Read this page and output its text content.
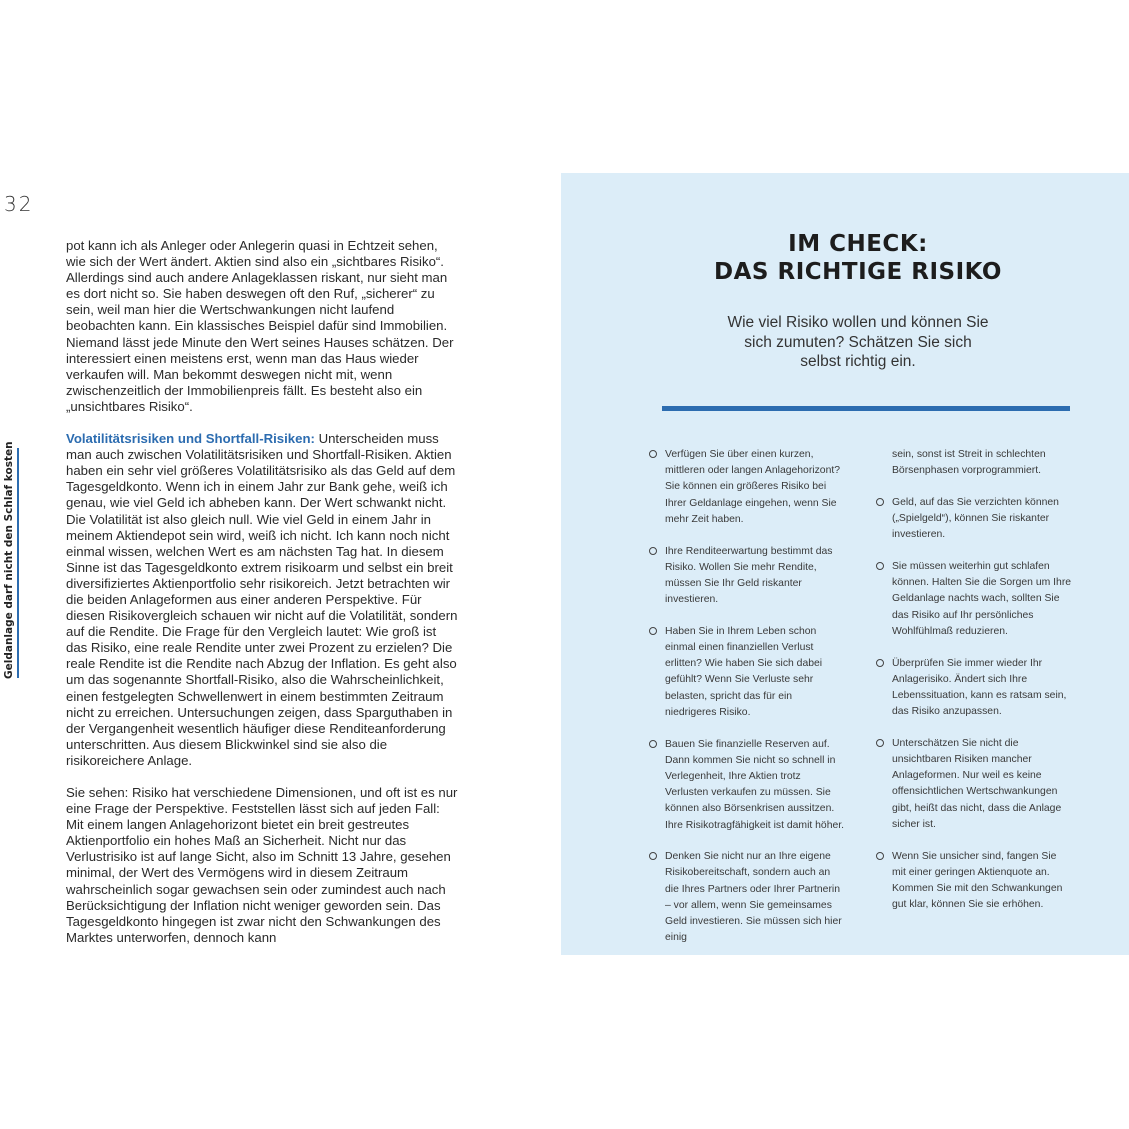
32
Geldanlage darf nicht den Schlaf kosten

pot kann ich als Anleger oder Anlegerin quasi in Echtzeit sehen, wie sich der Wert ändert. Aktien sind also ein „sichtbares Risiko“. Allerdings sind auch andere Anlageklassen riskant, nur sieht man es dort nicht so. Sie haben deswegen oft den Ruf, „sicherer“ zu sein, weil man hier die Wertschwankungen nicht laufend beobachten kann. Ein klassisches Beispiel dafür sind Immobilien. Niemand lässt jede Minute den Wert seines Hauses schätzen. Der interessiert einen meistens erst, wenn man das Haus wieder verkaufen will. Man bekommt deswegen nicht mit, wenn zwischenzeitlich der Immobilienpreis fällt. Es besteht also ein „unsichtbares Risiko“.

Volatilitätsrisiken und Shortfall-Risiken: Unterscheiden muss man auch zwischen Volatilitätsrisiken und Shortfall-Risiken. Aktien haben ein sehr viel größeres Volatilitätsrisiko als das Geld auf dem Tagesgeldkonto. Wenn ich in einem Jahr zur Bank gehe, weiß ich genau, wie viel Geld ich abheben kann. Der Wert schwankt nicht. Die Volatilität ist also gleich null. Wie viel Geld in einem Jahr in meinem Aktiendepot sein wird, weiß ich nicht. Ich kann noch nicht einmal wissen, welchen Wert es am nächsten Tag hat. In diesem Sinne ist das Tagesgeldkonto extrem risikoarm und selbst ein breit diversifiziertes Aktienportfolio sehr risikoreich. Jetzt betrachten wir die beiden Anlageformen aus einer anderen Perspektive. Für diesen Risikovergleich schauen wir nicht auf die Volatilität, sondern auf die Rendite. Die Frage für den Vergleich lautet: Wie groß ist das Risiko, eine reale Rendite unter zwei Prozent zu erzielen? Die reale Rendite ist die Rendite nach Abzug der Inflation. Es geht also um das sogenannte Shortfall-Risiko, also die Wahrscheinlichkeit, einen festgelegten Schwellenwert in einem bestimmten Zeitraum nicht zu erreichen. Untersuchungen zeigen, dass Sparguthaben in der Vergangenheit wesentlich häufiger diese Renditeanforderung unterschritten. Aus diesem Blickwinkel sind sie also die risikoreichere Anlage.

Sie sehen: Risiko hat verschiedene Dimensionen, und oft ist es nur eine Frage der Perspektive. Feststellen lässt sich auf jeden Fall: Mit einem langen Anlagehorizont bietet ein breit gestreutes Aktienportfolio ein hohes Maß an Sicherheit. Nicht nur das Verlustrisiko ist auf lange Sicht, also im Schnitt 13 Jahre, gesehen minimal, der Wert des Vermögens wird in diesem Zeitraum wahrscheinlich sogar gewachsen sein oder zumindest auch nach Berücksichtigung der Inflation nicht weniger geworden sein. Das Tagesgeldkonto hingegen ist zwar nicht den Schwankungen des Marktes unterworfen, dennoch kann

IM CHECK:
DAS RICHTIGE RISIKO
Wie viel Risiko wollen und können Sie sich zumuten? Schätzen Sie sich selbst richtig ein.
Verfügen Sie über einen kurzen, mittleren oder langen Anlagehorizont? Sie können ein größeres Risiko bei Ihrer Geldanlage eingehen, wenn Sie mehr Zeit haben.
Ihre Renditeerwartung bestimmt das Risiko. Wollen Sie mehr Rendite, müssen Sie Ihr Geld riskanter investieren.
Haben Sie in Ihrem Leben schon einmal einen finanziellen Verlust erlitten? Wie haben Sie sich dabei gefühlt? Wenn Sie Verluste sehr belasten, spricht das für ein niedrigeres Risiko.
Bauen Sie finanzielle Reserven auf. Dann kommen Sie nicht so schnell in Verlegenheit, Ihre Aktien trotz Verlusten verkaufen zu müssen. Sie können also Börsenkrisen aussitzen. Ihre Risikotragfähigkeit ist damit höher.
Denken Sie nicht nur an Ihre eigene Risikobereitschaft, sondern auch an die Ihres Partners oder Ihrer Partnerin – vor allem, wenn Sie gemeinsames Geld investieren. Sie müssen sich hier einig
sein, sonst ist Streit in schlechten Börsenphasen vorprogrammiert.
Geld, auf das Sie verzichten können („Spielgeld“), können Sie riskanter investieren.
Sie müssen weiterhin gut schlafen können. Halten Sie die Sorgen um Ihre Geldanlage nachts wach, sollten Sie das Risiko auf Ihr persönliches Wohlfühlmaß reduzieren.
Überprüfen Sie immer wieder Ihr Anlagerisiko. Ändert sich Ihre Lebenssituation, kann es ratsam sein, das Risiko anzupassen.
Unterschätzen Sie nicht die unsichtbaren Risiken mancher Anlageformen. Nur weil es keine offensichtlichen Wertschwankungen gibt, heißt das nicht, dass die Anlage sicher ist.
Wenn Sie unsicher sind, fangen Sie mit einer geringen Aktienquote an. Kommen Sie mit den Schwankungen gut klar, können Sie sie erhöhen.
